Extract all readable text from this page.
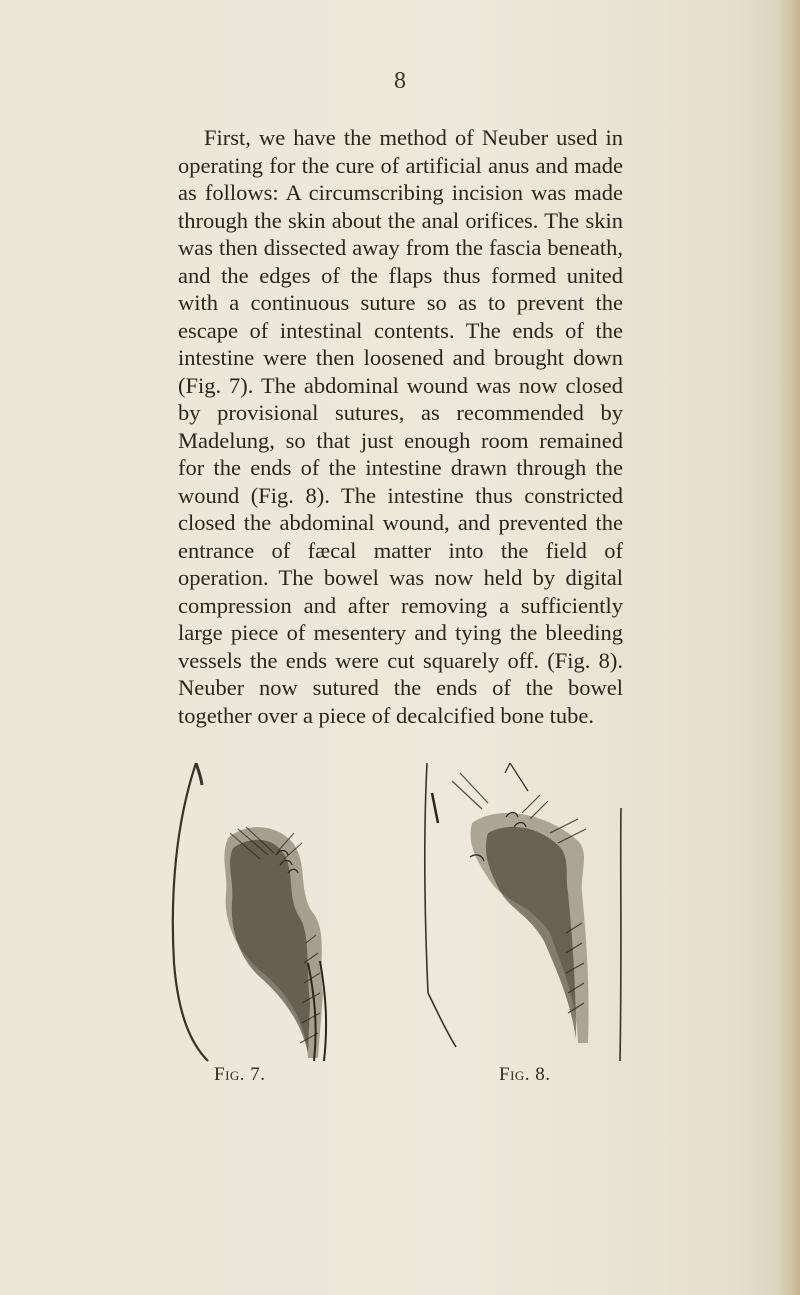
8

First, we have the method of Neuber used in operating for the cure of artificial anus and made as follows: A circumscribing incision was made through the skin about the anal orifices. The skin was then dissected away from the fascia beneath, and the edges of the flaps thus formed united with a continuous suture so as to prevent the escape of intestinal contents. The ends of the intestine were then loosened and brought down (Fig. 7). The abdominal wound was now closed by provisional sutures, as recommended by Madelung, so that just enough room remained for the ends of the intestine drawn through the wound (Fig. 8). The intestine thus constricted closed the abdominal wound, and prevented the entrance of fæcal matter into the field of operation. The bowel was now held by digital compression and after removing a sufficiently large piece of mesentery and tying the bleeding vessels the ends were cut squarely off. (Fig. 8). Neuber now sutured the ends of the bowel together over a piece of decalcified bone tube.

Fig. 7.	Fig. 8.
